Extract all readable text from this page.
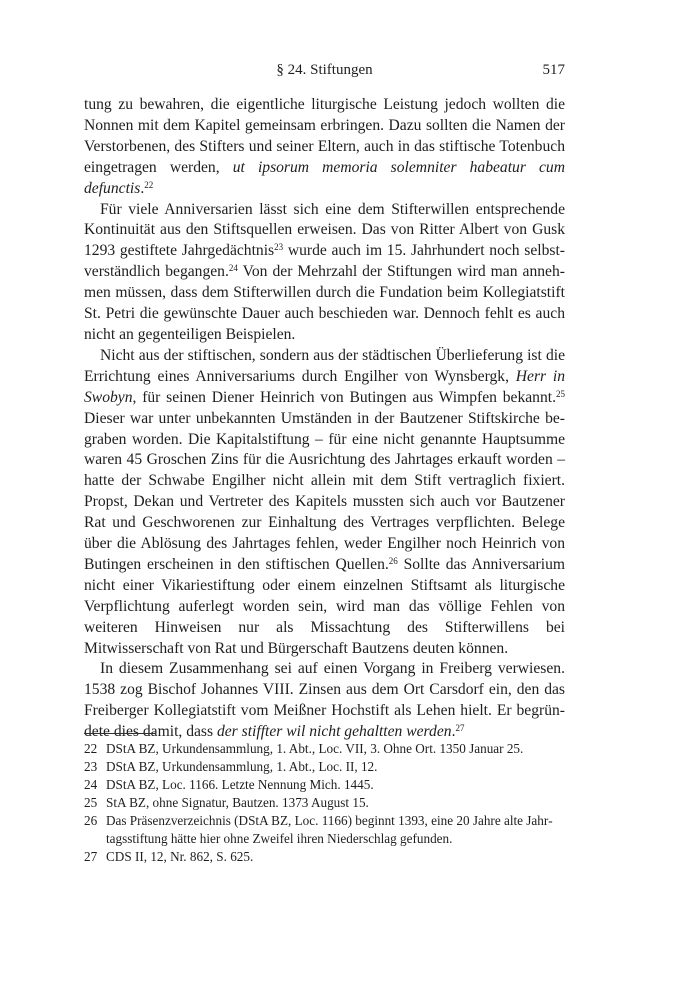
§ 24. Stiftungen	517

tung zu bewahren, die eigentliche liturgische Leistung jedoch wollten die Nonnen mit dem Kapitel gemeinsam erbringen. Dazu sollten die Namen der Verstorbenen, des Stifters und seiner Eltern, auch in das stiftische Totenbuch eingetragen werden, ut ipsorum memoria solemniter habeatur cum defunctis.$^{22}$

Für viele Anniversarien lässt sich eine dem Stifterwillen entsprechende Kontinuität aus den Stiftsquellen erweisen. Das von Ritter Albert von Gusk 1293 gestiftete Jahrgedächtnis$^{23}$ wurde auch im 15. Jahrhundert noch selbstverständlich begangen.$^{24}$ Von der Mehrzahl der Stiftungen wird man annehmen müssen, dass dem Stifterwillen durch die Fundation beim Kollegiatstift St. Petri die gewünschte Dauer auch beschieden war. Dennoch fehlt es auch nicht an gegenteiligen Beispielen.

Nicht aus der stiftischen, sondern aus der städtischen Überlieferung ist die Errichtung eines Anniversariums durch Engilher von Wynsbergk, Herr in Swobyn, für seinen Diener Heinrich von Butingen aus Wimpfen bekannt.$^{25}$ Dieser war unter unbekannten Umständen in der Bautzener Stiftskirche begraben worden. Die Kapitalstiftung – für eine nicht genannte Hauptsumme waren 45 Groschen Zins für die Ausrichtung des Jahrtages erkauft worden – hatte der Schwabe Engilher nicht allein mit dem Stift vertraglich fixiert. Propst, Dekan und Vertreter des Kapitels mussten sich auch vor Bautzener Rat und Geschworenen zur Einhaltung des Vertrages verpflichten. Belege über die Ablösung des Jahrtages fehlen, weder Engilher noch Heinrich von Butingen erscheinen in den stiftischen Quellen.$^{26}$ Sollte das Anniversarium nicht einer Vikariestiftung oder einem einzelnen Stiftsamt als liturgische Verpflichtung auferlegt worden sein, wird man das völlige Fehlen von weiteren Hinweisen nur als Missachtung des Stifterwillens bei Mitwisserschaft von Rat und Bürgerschaft Bautzens deuten können.

In diesem Zusammenhang sei auf einen Vorgang in Freiberg verwiesen. 1538 zog Bischof Johannes VIII. Zinsen aus dem Ort Carsdorf ein, den das Freiberger Kollegiatstift vom Meißner Hochstift als Lehen hielt. Er begründete dies damit, dass der stiffter wil nicht gehaltten werden.$^{27}$

22 DStA BZ, Urkundensammlung, 1. Abt., Loc. VII, 3. Ohne Ort. 1350 Januar 25.
23 DStA BZ, Urkundensammlung, 1. Abt., Loc. II, 12.
24 DStA BZ, Loc. 1166. Letzte Nennung Mich. 1445.
25 StA BZ, ohne Signatur, Bautzen. 1373 August 15.
26 Das Präsenzverzeichnis (DStA BZ, Loc. 1166) beginnt 1393, eine 20 Jahre alte Jahrtagsstiftung hätte hier ohne Zweifel ihren Niederschlag gefunden.
27 CDS II, 12, Nr. 862, S. 625.
